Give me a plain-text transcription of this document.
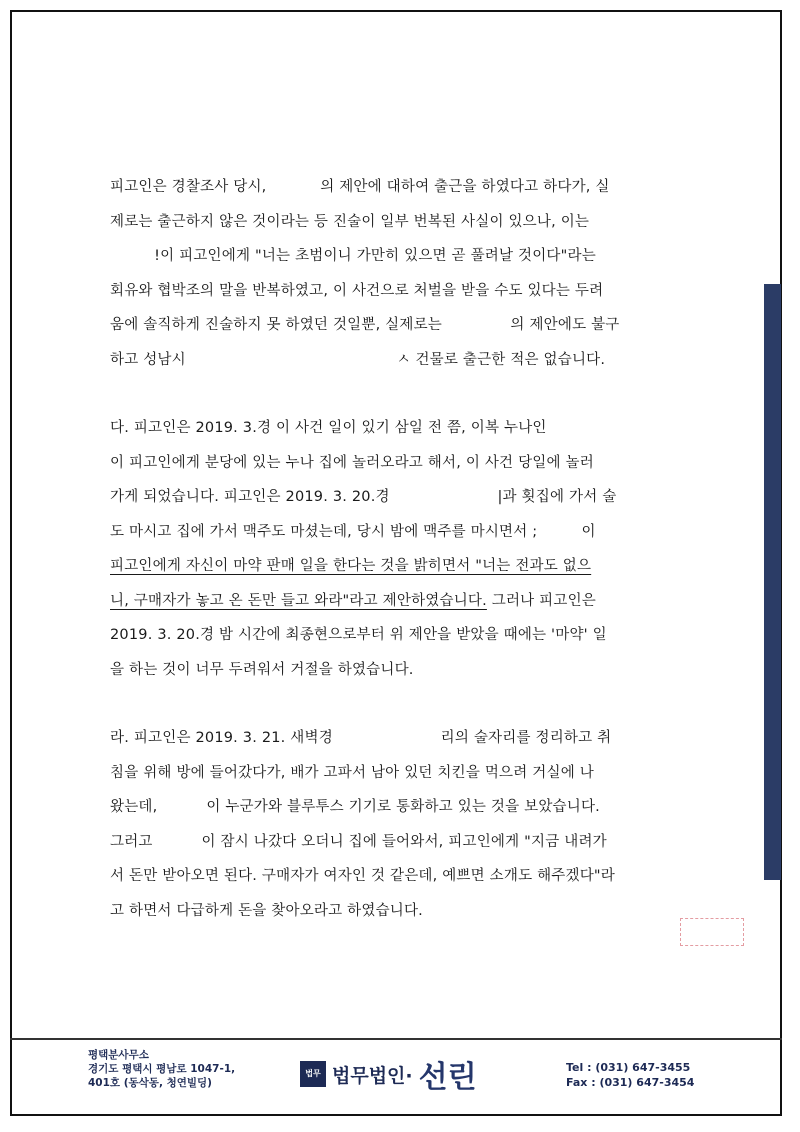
피고인은 경찰조사 당시, 　　　 의 제안에 대하여 출근을 하였다고 하다가, 실
제로는 출근하지 않은 것이라는 등 진술이 일부 번복된 사실이 있으나, 이는
　　　!이 피고인에게 "너는 초범이니 가만히 있으면 곧 풀려날 것이다"라는
회유와 협박조의 말을 반복하였고, 이 사건으로 처벌을 받을 수도 있다는 두려
움에 솔직하게 진술하지 못 하였던 것일뿐, 실제로는 　　　　 의 제안에도 불구
하고 성남시 　　　　　　　　　　　　　　ㅅ 건물로 출근한 적은 없습니다.

다. 피고인은 2019. 3.경 이 사건 일이 있기 삼일 전 쯤, 이복 누나인
이 피고인에게 분당에 있는 누나 집에 놀러오라고 해서, 이 사건 당일에 놀러
가게 되었습니다. 피고인은 2019. 3. 20.경 　　　　　　　|과 횟집에 가서 술
도 마시고 집에 가서 맥주도 마셨는데, 당시 밤에 맥주를 마시면서 ;　　　이
피고인에게 자신이 마약 판매 일을 한다는 것을 밝히면서 "너는 전과도 없으
니, 구매자가 놓고 온 돈만 들고 와라"라고 제안하였습니다. 그러나 피고인은
2019. 3. 20.경 밤 시간에 최종현으로부터 위 제안을 받았을 때에는 '마약' 일
을 하는 것이 너무 두려워서 거절을 하였습니다.

라. 피고인은 2019. 3. 21. 새벽경 　　　　　　　리의 술자리를 정리하고 취
침을 위해 방에 들어갔다가, 배가 고파서 남아 있던 치킨을 먹으려 거실에 나
왔는데, 　　　이 누군가와 블루투스 기기로 통화하고 있는 것을 보았습니다.
그러고 　　　이 잠시 나갔다 오더니 집에 들어와서, 피고인에게 "지금 내려가
서 돈만 받아오면 된다. 구매자가 여자인 것 같은데, 예쁘면 소개도 해주겠다"라
고 하면서 다급하게 돈을 찾아오라고 하였습니다.

평택분사무소
경기도 평택시 평남로 1047-1,
401호 (동삭동, 청연빌딩)
법무 법무법인· 선린	Tel : (031) 647-3455
Fax : (031) 647-3454
